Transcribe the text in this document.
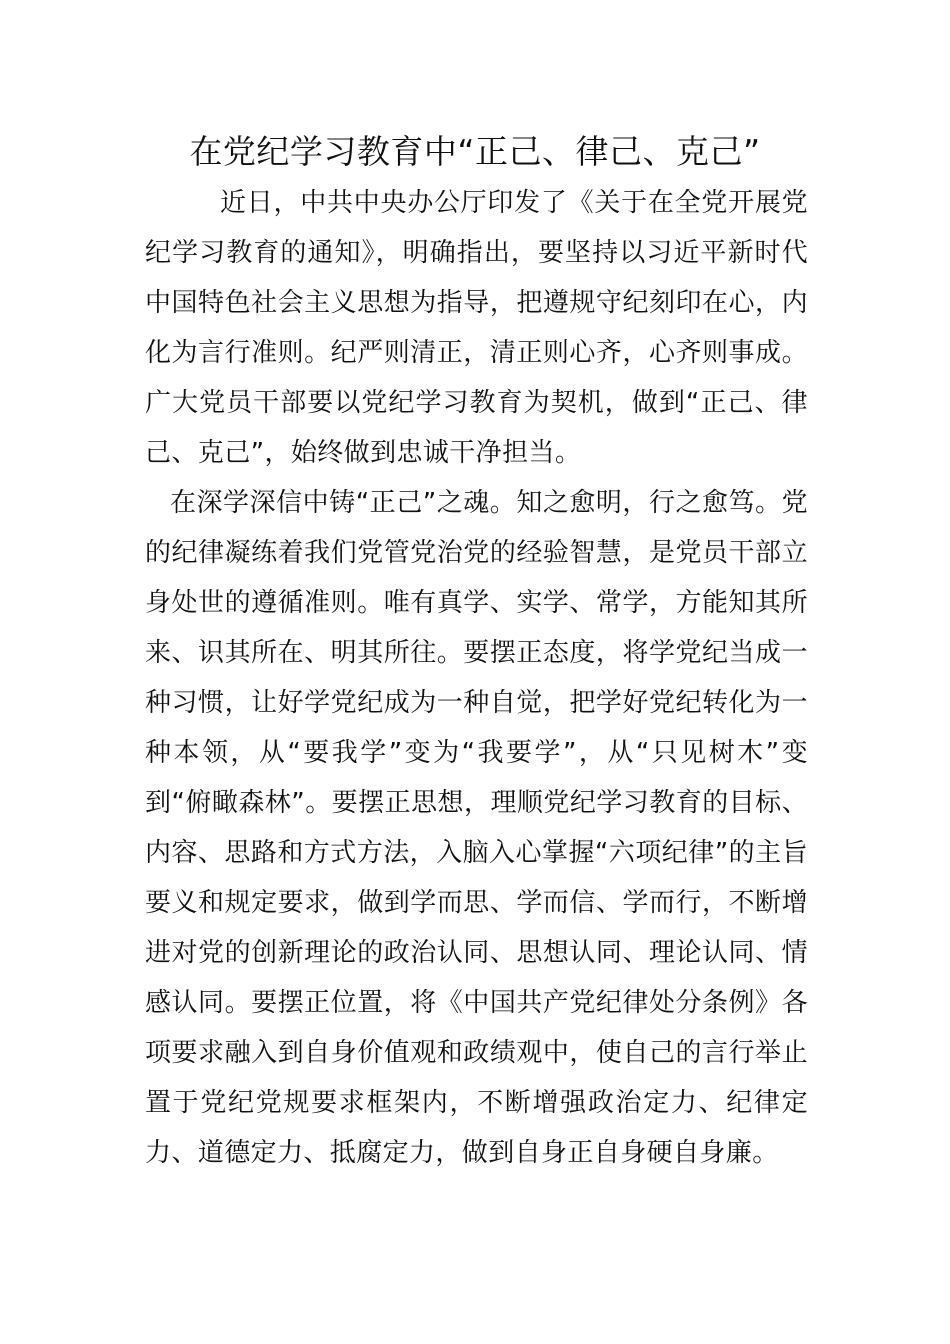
在党纪学习教育中“正己、律己、克己”

近日，中共中央办公厅印发了《关于在全党开展党纪学习教育的通知》，明确指出，要坚持以习近平新时代中国特色社会主义思想为指导，把遵规守纪刻印在心，内化为言行准则。纪严则清正，清正则心齐，心齐则事成。广大党员干部要以党纪学习教育为契机，做到“正己、律己、克己”，始终做到忠诚干净担当。

在深学深信中铸“正己”之魂。知之愈明，行之愈笃。党的纪律凝练着我们党管党治党的经验智慧，是党员干部立身处世的遵循准则。唯有真学、实学、常学，方能知其所来、识其所在、明其所往。要摆正态度，将学党纪当成一种习惯，让好学党纪成为一种自觉，把学好党纪转化为一种本领，从“要我学”变为“我要学”，从“只见树木”变到“俯瞰森林”。要摆正思想，理顺党纪学习教育的目标、内容、思路和方式方法，入脑入心掌握“六项纪律”的主旨要义和规定要求，做到学而思、学而信、学而行，不断增进对党的创新理论的政治认同、思想认同、理论认同、情感认同。要摆正位置，将《中国共产党纪律处分条例》各项要求融入到自身价值观和政绩观中，使自己的言行举止置于党纪党规要求框架内，不断增强政治定力、纪律定力、道德定力、抵腐定力，做到自身正自身硬自身廉。
